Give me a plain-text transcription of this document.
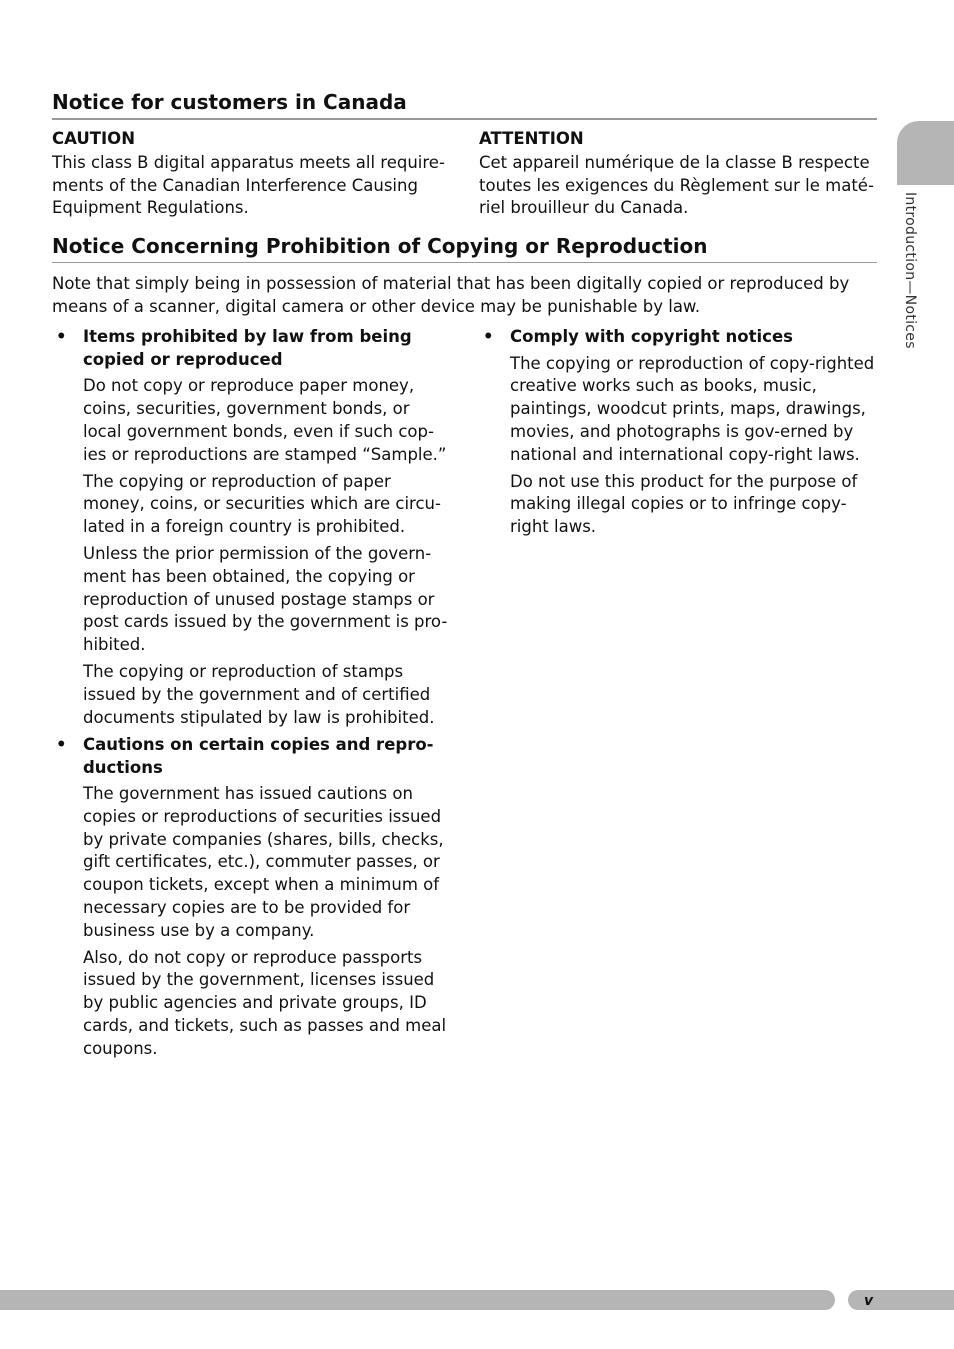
Notice for customers in Canada

CAUTION

This class B digital apparatus meets all require-ments of the Canadian Interference Causing Equipment Regulations.

ATTENTION

Cet appareil numérique de la classe B respecte toutes les exigences du Règlement sur le maté-riel brouilleur du Canada.

Notice Concerning Prohibition of Copying or Reproduction

Note that simply being in possession of material that has been digitally copied or reproduced by means of a scanner, digital camera or other device may be punishable by law.

• Items prohibited by law from being copied or reproduced

Do not copy or reproduce paper money, coins, securities, government bonds, or local government bonds, even if such cop-ies or reproductions are stamped “Sample.”

The copying or reproduction of paper money, coins, or securities which are circu-lated in a foreign country is prohibited.

Unless the prior permission of the govern-ment has been obtained, the copying or reproduction of unused postage stamps or post cards issued by the government is pro-hibited.

The copying or reproduction of stamps issued by the government and of certified documents stipulated by law is prohibited.

• Cautions on certain copies and repro-ductions

The government has issued cautions on copies or reproductions of securities issued by private companies (shares, bills, checks, gift certificates, etc.), commuter passes, or coupon tickets, except when a minimum of necessary copies are to be provided for business use by a company.

Also, do not copy or reproduce passports issued by the government, licenses issued by public agencies and private groups, ID cards, and tickets, such as passes and meal coupons.

• Comply with copyright notices

The copying or reproduction of copy-righted creative works such as books, music, paintings, woodcut prints, maps, drawings, movies, and photographs is gov-erned by national and international copy-right laws.

Do not use this product for the purpose of making illegal copies or to infringe copy-right laws.

Introduction—Notices
v
